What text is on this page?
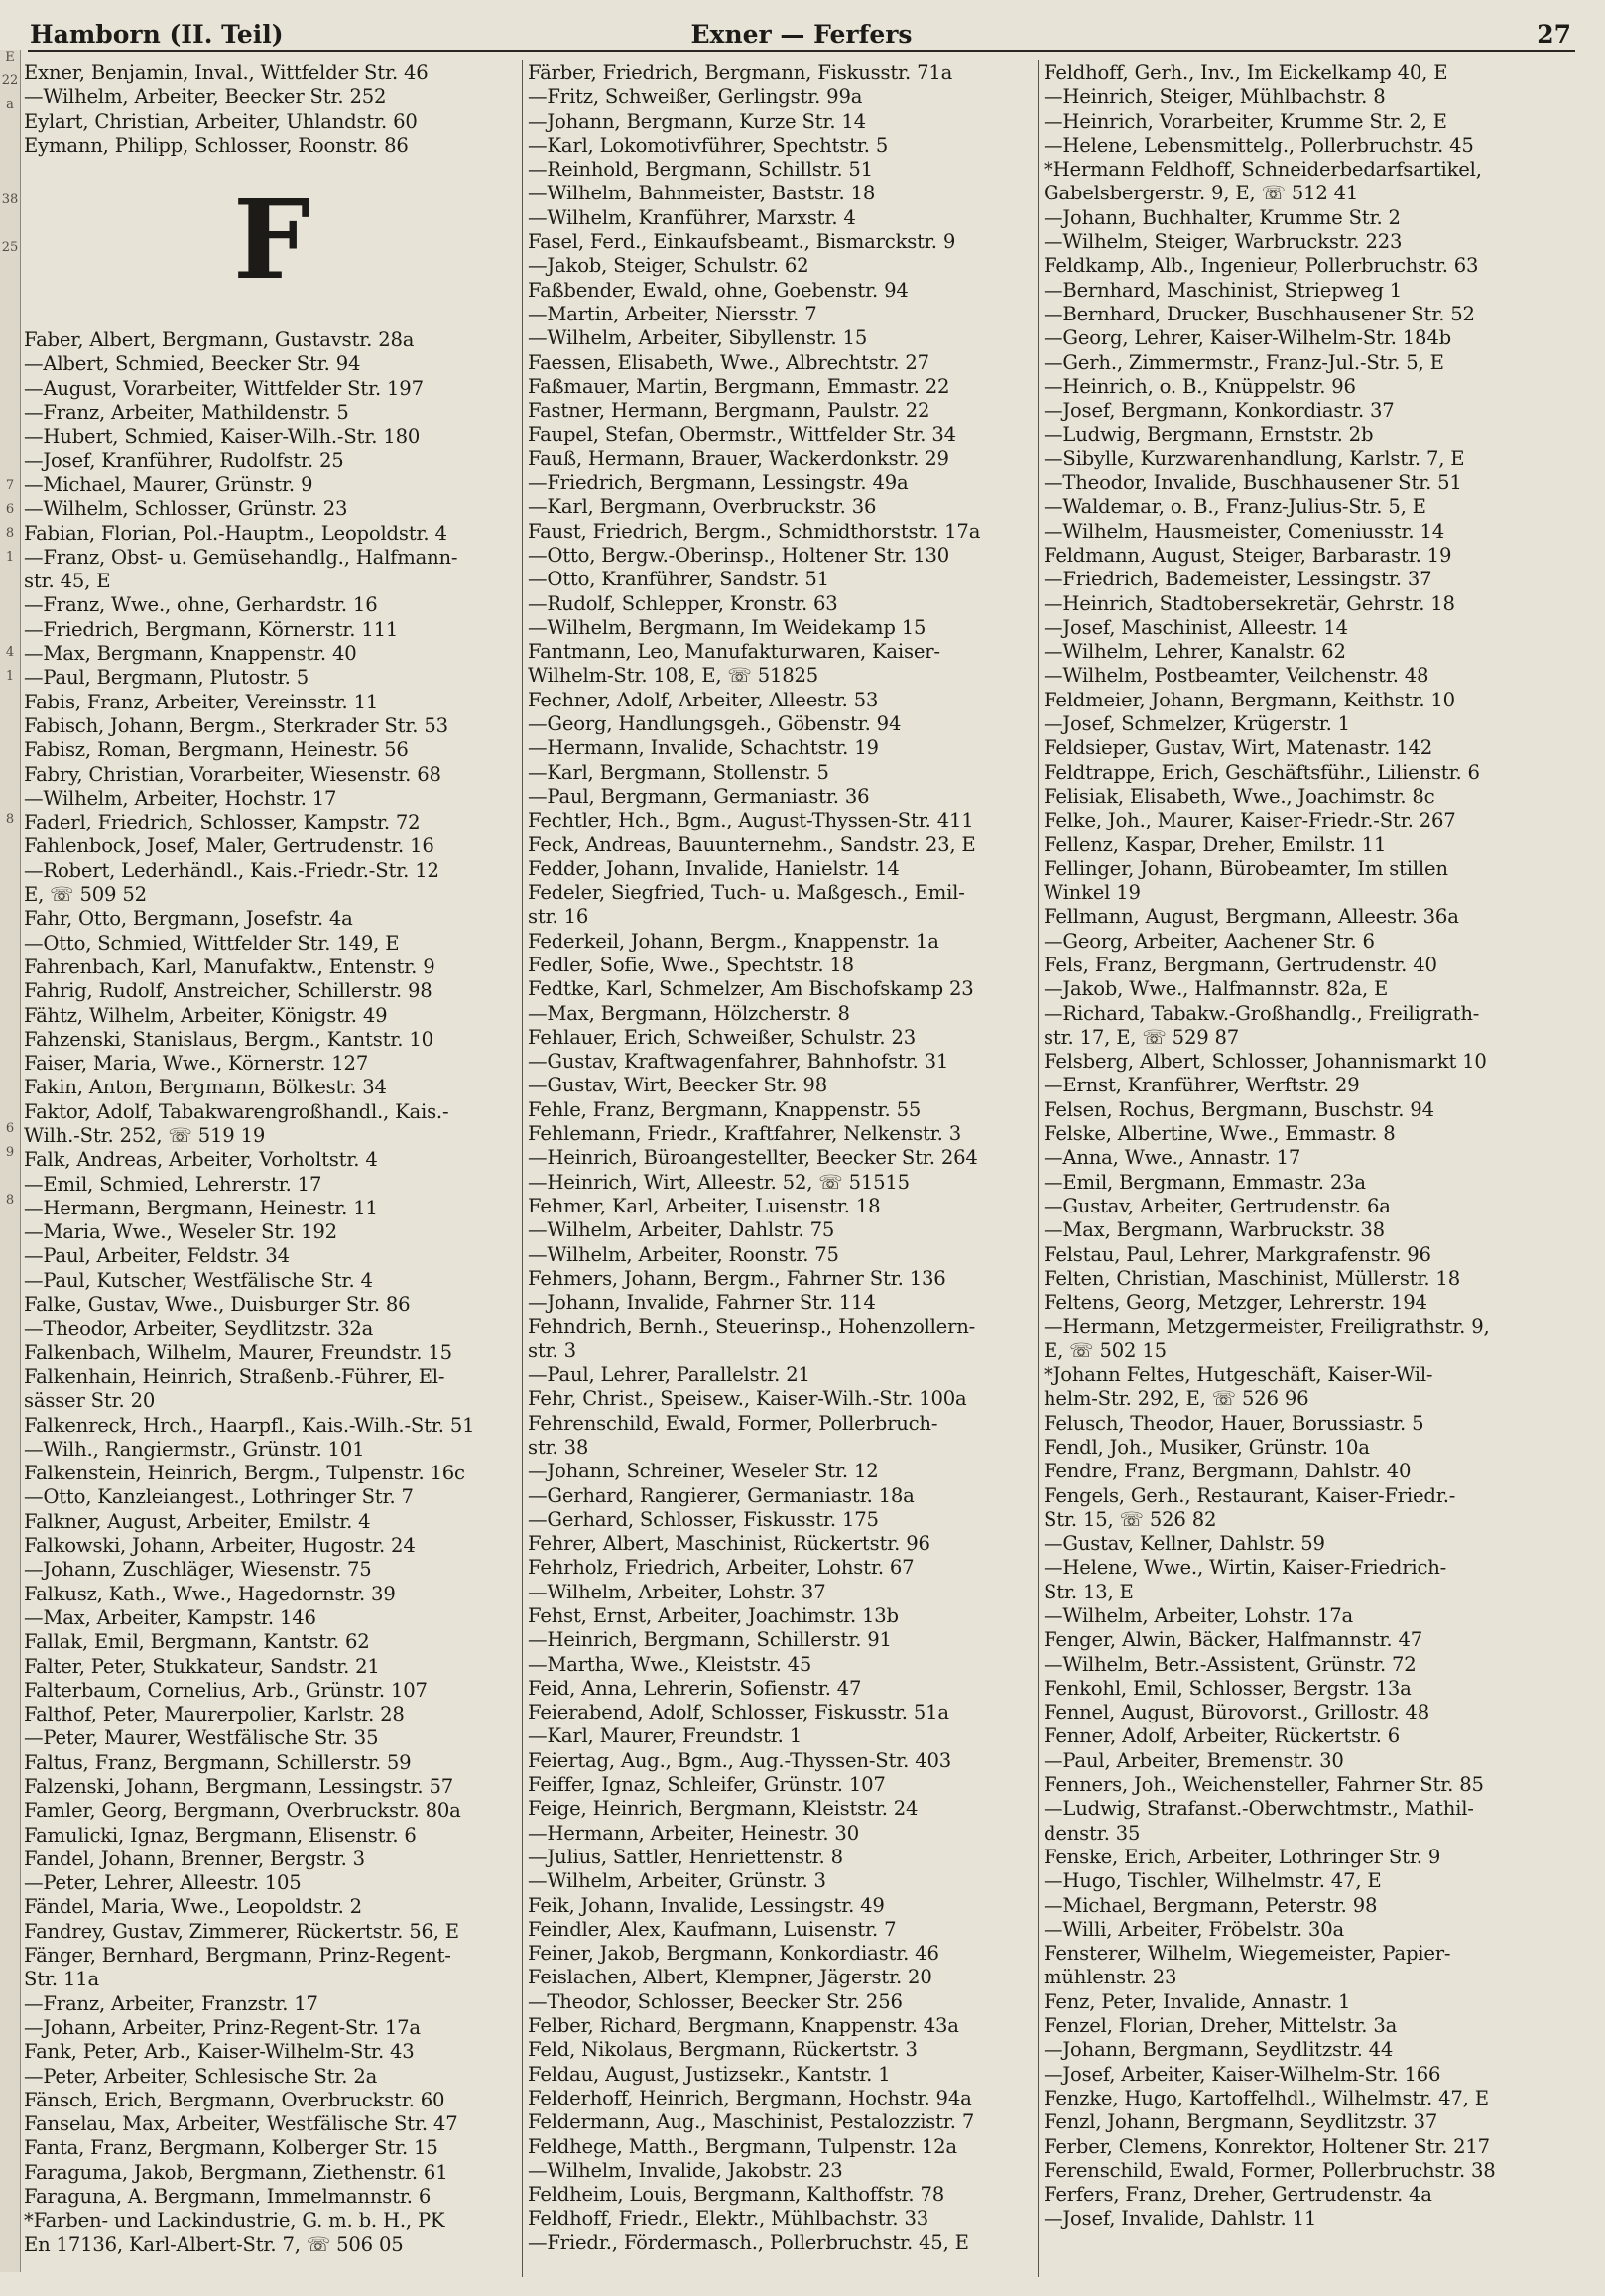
Exner — Ferfers
Hamborn (II. Teil)	27
E
22
a
38
25
7
6
8
1
4
1
8
6
9
8
Exner, Benjamin, Inval., Wittfelder Str. 46
—Wilhelm, Arbeiter, Beecker Str. 252
Eylart, Christian, Arbeiter, Uhlandstr. 60
Eymann, Philipp, Schlosser, Roonstr. 86
F
Faber, Albert, Bergmann, Gustavstr. 28a
—Albert, Schmied, Beecker Str. 94
—August, Vorarbeiter, Wittfelder Str. 197
—Franz, Arbeiter, Mathildenstr. 5
—Hubert, Schmied, Kaiser-Wilh.-Str. 180
—Josef, Kranführer, Rudolfstr. 25
—Michael, Maurer, Grünstr. 9
—Wilhelm, Schlosser, Grünstr. 23
Fabian, Florian, Pol.-Hauptm., Leopoldstr. 4
—Franz, Obst- u. Gemüsehandlg., Halfmann-
str. 45, E
—Franz, Wwe., ohne, Gerhardstr. 16
—Friedrich, Bergmann, Körnerstr. 111
—Max, Bergmann, Knappenstr. 40
—Paul, Bergmann, Plutostr. 5
Fabis, Franz, Arbeiter, Vereinsstr. 11
Fabisch, Johann, Bergm., Sterkrader Str. 53
Fabisz, Roman, Bergmann, Heinestr. 56
Fabry, Christian, Vorarbeiter, Wiesenstr. 68
—Wilhelm, Arbeiter, Hochstr. 17
Faderl, Friedrich, Schlosser, Kampstr. 72
Fahlenbock, Josef, Maler, Gertrudenstr. 16
—Robert, Lederhändl., Kais.-Friedr.-Str. 12
E, ☏ 509 52
Fahr, Otto, Bergmann, Josefstr. 4a
—Otto, Schmied, Wittfelder Str. 149, E
Fahrenbach, Karl, Manufaktw., Entenstr. 9
Fahrig, Rudolf, Anstreicher, Schillerstr. 98
Fähtz, Wilhelm, Arbeiter, Königstr. 49
Fahzenski, Stanislaus, Bergm., Kantstr. 10
Faiser, Maria, Wwe., Körnerstr. 127
Fakin, Anton, Bergmann, Bölkestr. 34
Faktor, Adolf, Tabakwarengroßhandl., Kais.-
Wilh.-Str. 252, ☏ 519 19
Falk, Andreas, Arbeiter, Vorholtstr. 4
—Emil, Schmied, Lehrerstr. 17
—Hermann, Bergmann, Heinestr. 11
—Maria, Wwe., Weseler Str. 192
—Paul, Arbeiter, Feldstr. 34
—Paul, Kutscher, Westfälische Str. 4
Falke, Gustav, Wwe., Duisburger Str. 86
—Theodor, Arbeiter, Seydlitzstr. 32a
Falkenbach, Wilhelm, Maurer, Freundstr. 15
Falkenhain, Heinrich, Straßenb.-Führer, El-
sässer Str. 20
Falkenreck, Hrch., Haarpfl., Kais.-Wilh.-Str. 51
—Wilh., Rangiermstr., Grünstr. 101
Falkenstein, Heinrich, Bergm., Tulpenstr. 16c
—Otto, Kanzleiangest., Lothringer Str. 7
Falkner, August, Arbeiter, Emilstr. 4
Falkowski, Johann, Arbeiter, Hugostr. 24
—Johann, Zuschläger, Wiesenstr. 75
Falkusz, Kath., Wwe., Hagedornstr. 39
—Max, Arbeiter, Kampstr. 146
Fallak, Emil, Bergmann, Kantstr. 62
Falter, Peter, Stukkateur, Sandstr. 21
Falterbaum, Cornelius, Arb., Grünstr. 107
Falthof, Peter, Maurerpolier, Karlstr. 28
—Peter, Maurer, Westfälische Str. 35
Faltus, Franz, Bergmann, Schillerstr. 59
Falzenski, Johann, Bergmann, Lessingstr. 57
Famler, Georg, Bergmann, Overbruckstr. 80a
Famulicki, Ignaz, Bergmann, Elisenstr. 6
Fandel, Johann, Brenner, Bergstr. 3
—Peter, Lehrer, Alleestr. 105
Fändel, Maria, Wwe., Leopoldstr. 2
Fandrey, Gustav, Zimmerer, Rückertstr. 56, E
Fänger, Bernhard, Bergmann, Prinz-Regent-
Str. 11a
—Franz, Arbeiter, Franzstr. 17
—Johann, Arbeiter, Prinz-Regent-Str. 17a
Fank, Peter, Arb., Kaiser-Wilhelm-Str. 43
—Peter, Arbeiter, Schlesische Str. 2a
Fänsch, Erich, Bergmann, Overbruckstr. 60
Fanselau, Max, Arbeiter, Westfälische Str. 47
Fanta, Franz, Bergmann, Kolberger Str. 15
Faraguma, Jakob, Bergmann, Ziethenstr. 61
Faraguna, A. Bergmann, Immelmannstr. 6
*Farben- und Lackindustrie, G. m. b. H., PK
En 17136, Karl-Albert-Str. 7, ☏ 506 05
Färber, Friedrich, Bergmann, Fiskusstr. 71a
—Fritz, Schweißer, Gerlingstr. 99a
—Johann, Bergmann, Kurze Str. 14
—Karl, Lokomotivführer, Spechtstr. 5
—Reinhold, Bergmann, Schillstr. 51
—Wilhelm, Bahnmeister, Baststr. 18
—Wilhelm, Kranführer, Marxstr. 4
Fasel, Ferd., Einkaufsbeamt., Bismarckstr. 9
—Jakob, Steiger, Schulstr. 62
Faßbender, Ewald, ohne, Goebenstr. 94
—Martin, Arbeiter, Niersstr. 7
—Wilhelm, Arbeiter, Sibyllenstr. 15
Faessen, Elisabeth, Wwe., Albrechtstr. 27
Faßmauer, Martin, Bergmann, Emmastr. 22
Fastner, Hermann, Bergmann, Paulstr. 22
Faupel, Stefan, Obermstr., Wittfelder Str. 34
Fauß, Hermann, Brauer, Wackerdonkstr. 29
—Friedrich, Bergmann, Lessingstr. 49a
—Karl, Bergmann, Overbruckstr. 36
Faust, Friedrich, Bergm., Schmidthorststr. 17a
—Otto, Bergw.-Oberinsp., Holtener Str. 130
—Otto, Kranführer, Sandstr. 51
—Rudolf, Schlepper, Kronstr. 63
—Wilhelm, Bergmann, Im Weidekamp 15
Fantmann, Leo, Manufakturwaren, Kaiser-
Wilhelm-Str. 108, E, ☏ 51825
Fechner, Adolf, Arbeiter, Alleestr. 53
—Georg, Handlungsgeh., Göbenstr. 94
—Hermann, Invalide, Schachtstr. 19
—Karl, Bergmann, Stollenstr. 5
—Paul, Bergmann, Germaniastr. 36
Fechtler, Hch., Bgm., August-Thyssen-Str. 411
Feck, Andreas, Bauunternehm., Sandstr. 23, E
Fedder, Johann, Invalide, Hanielstr. 14
Fedeler, Siegfried, Tuch- u. Maßgesch., Emil-
str. 16
Federkeil, Johann, Bergm., Knappenstr. 1a
Fedler, Sofie, Wwe., Spechtstr. 18
Fedtke, Karl, Schmelzer, Am Bischofskamp 23
—Max, Bergmann, Hölzcherstr. 8
Fehlauer, Erich, Schweißer, Schulstr. 23
—Gustav, Kraftwagenfahrer, Bahnhofstr. 31
—Gustav, Wirt, Beecker Str. 98
Fehle, Franz, Bergmann, Knappenstr. 55
Fehlemann, Friedr., Kraftfahrer, Nelkenstr. 3
—Heinrich, Büroangestellter, Beecker Str. 264
—Heinrich, Wirt, Alleestr. 52, ☏ 51515
Fehmer, Karl, Arbeiter, Luisenstr. 18
—Wilhelm, Arbeiter, Dahlstr. 75
—Wilhelm, Arbeiter, Roonstr. 75
Fehmers, Johann, Bergm., Fahrner Str. 136
—Johann, Invalide, Fahrner Str. 114
Fehndrich, Bernh., Steuerinsp., Hohenzollern-
str. 3
—Paul, Lehrer, Parallelstr. 21
Fehr, Christ., Speisew., Kaiser-Wilh.-Str. 100a
Fehrenschild, Ewald, Former, Pollerbruch-
str. 38
—Johann, Schreiner, Weseler Str. 12
—Gerhard, Rangierer, Germaniastr. 18a
—Gerhard, Schlosser, Fiskusstr. 175
Fehrer, Albert, Maschinist, Rückertstr. 96
Fehrholz, Friedrich, Arbeiter, Lohstr. 67
—Wilhelm, Arbeiter, Lohstr. 37
Fehst, Ernst, Arbeiter, Joachimstr. 13b
—Heinrich, Bergmann, Schillerstr. 91
—Martha, Wwe., Kleiststr. 45
Feid, Anna, Lehrerin, Sofienstr. 47
Feierabend, Adolf, Schlosser, Fiskusstr. 51a
—Karl, Maurer, Freundstr. 1
Feiertag, Aug., Bgm., Aug.-Thyssen-Str. 403
Feiffer, Ignaz, Schleifer, Grünstr. 107
Feige, Heinrich, Bergmann, Kleiststr. 24
—Hermann, Arbeiter, Heinestr. 30
—Julius, Sattler, Henriettenstr. 8
—Wilhelm, Arbeiter, Grünstr. 3
Feik, Johann, Invalide, Lessingstr. 49
Feindler, Alex, Kaufmann, Luisenstr. 7
Feiner, Jakob, Bergmann, Konkordiastr. 46
Feislachen, Albert, Klempner, Jägerstr. 20
—Theodor, Schlosser, Beecker Str. 256
Felber, Richard, Bergmann, Knappenstr. 43a
Feld, Nikolaus, Bergmann, Rückertstr. 3
Feldau, August, Justizsekr., Kantstr. 1
Felderhoff, Heinrich, Bergmann, Hochstr. 94a
Feldermann, Aug., Maschinist, Pestalozzistr. 7
Feldhege, Matth., Bergmann, Tulpenstr. 12a
—Wilhelm, Invalide, Jakobstr. 23
Feldheim, Louis, Bergmann, Kalthoffstr. 78
Feldhoff, Friedr., Elektr., Mühlbachstr. 33
—Friedr., Fördermasch., Pollerbruchstr. 45, E
Feldhoff, Gerh., Inv., Im Eickelkamp 40, E
—Heinrich, Steiger, Mühlbachstr. 8
—Heinrich, Vorarbeiter, Krumme Str. 2, E
—Helene, Lebensmittelg., Pollerbruchstr. 45
*Hermann Feldhoff, Schneiderbedarfsartikel,
Gabelsbergerstr. 9, E, ☏ 512 41
—Johann, Buchhalter, Krumme Str. 2
—Wilhelm, Steiger, Warbruckstr. 223
Feldkamp, Alb., Ingenieur, Pollerbruchstr. 63
—Bernhard, Maschinist, Striepweg 1
—Bernhard, Drucker, Buschhausener Str. 52
—Georg, Lehrer, Kaiser-Wilhelm-Str. 184b
—Gerh., Zimmermstr., Franz-Jul.-Str. 5, E
—Heinrich, o. B., Knüppelstr. 96
—Josef, Bergmann, Konkordiastr. 37
—Ludwig, Bergmann, Ernststr. 2b
—Sibylle, Kurzwarenhandlung, Karlstr. 7, E
—Theodor, Invalide, Buschhausener Str. 51
—Waldemar, o. B., Franz-Julius-Str. 5, E
—Wilhelm, Hausmeister, Comeniusstr. 14
Feldmann, August, Steiger, Barbarastr. 19
—Friedrich, Bademeister, Lessingstr. 37
—Heinrich, Stadtobersekretär, Gehrstr. 18
—Josef, Maschinist, Alleestr. 14
—Wilhelm, Lehrer, Kanalstr. 62
—Wilhelm, Postbeamter, Veilchenstr. 48
Feldmeier, Johann, Bergmann, Keithstr. 10
—Josef, Schmelzer, Krügerstr. 1
Feldsieper, Gustav, Wirt, Matenastr. 142
Feldtrappe, Erich, Geschäftsführ., Lilienstr. 6
Felisiak, Elisabeth, Wwe., Joachimstr. 8c
Felke, Joh., Maurer, Kaiser-Friedr.-Str. 267
Fellenz, Kaspar, Dreher, Emilstr. 11
Fellinger, Johann, Bürobeamter, Im stillen
Winkel 19
Fellmann, August, Bergmann, Alleestr. 36a
—Georg, Arbeiter, Aachener Str. 6
Fels, Franz, Bergmann, Gertrudenstr. 40
—Jakob, Wwe., Halfmannstr. 82a, E
—Richard, Tabakw.-Großhandlg., Freiligrath-
str. 17, E, ☏ 529 87
Felsberg, Albert, Schlosser, Johannismarkt 10
—Ernst, Kranführer, Werftstr. 29
Felsen, Rochus, Bergmann, Buschstr. 94
Felske, Albertine, Wwe., Emmastr. 8
—Anna, Wwe., Annastr. 17
—Emil, Bergmann, Emmastr. 23a
—Gustav, Arbeiter, Gertrudenstr. 6a
—Max, Bergmann, Warbruckstr. 38
Felstau, Paul, Lehrer, Markgrafenstr. 96
Felten, Christian, Maschinist, Müllerstr. 18
Feltens, Georg, Metzger, Lehrerstr. 194
—Hermann, Metzgermeister, Freiligrathstr. 9,
E, ☏ 502 15
*Johann Feltes, Hutgeschäft, Kaiser-Wil-
helm-Str. 292, E, ☏ 526 96
Felusch, Theodor, Hauer, Borussiastr. 5
Fendl, Joh., Musiker, Grünstr. 10a
Fendre, Franz, Bergmann, Dahlstr. 40
Fengels, Gerh., Restaurant, Kaiser-Friedr.-
Str. 15, ☏ 526 82
—Gustav, Kellner, Dahlstr. 59
—Helene, Wwe., Wirtin, Kaiser-Friedrich-
Str. 13, E
—Wilhelm, Arbeiter, Lohstr. 17a
Fenger, Alwin, Bäcker, Halfmannstr. 47
—Wilhelm, Betr.-Assistent, Grünstr. 72
Fenkohl, Emil, Schlosser, Bergstr. 13a
Fennel, August, Bürovorst., Grillostr. 48
Fenner, Adolf, Arbeiter, Rückertstr. 6
—Paul, Arbeiter, Bremenstr. 30
Fenners, Joh., Weichensteller, Fahrner Str. 85
—Ludwig, Strafanst.-Oberwchtmstr., Mathil-
denstr. 35
Fenske, Erich, Arbeiter, Lothringer Str. 9
—Hugo, Tischler, Wilhelmstr. 47, E
—Michael, Bergmann, Peterstr. 98
—Willi, Arbeiter, Fröbelstr. 30a
Fensterer, Wilhelm, Wiegemeister, Papier-
mühlenstr. 23
Fenz, Peter, Invalide, Annastr. 1
Fenzel, Florian, Dreher, Mittelstr. 3a
—Johann, Bergmann, Seydlitzstr. 44
—Josef, Arbeiter, Kaiser-Wilhelm-Str. 166
Fenzke, Hugo, Kartoffelhdl., Wilhelmstr. 47, E
Fenzl, Johann, Bergmann, Seydlitzstr. 37
Ferber, Clemens, Konrektor, Holtener Str. 217
Ferenschild, Ewald, Former, Pollerbruchstr. 38
Ferfers, Franz, Dreher, Gertrudenstr. 4a
—Josef, Invalide, Dahlstr. 11
